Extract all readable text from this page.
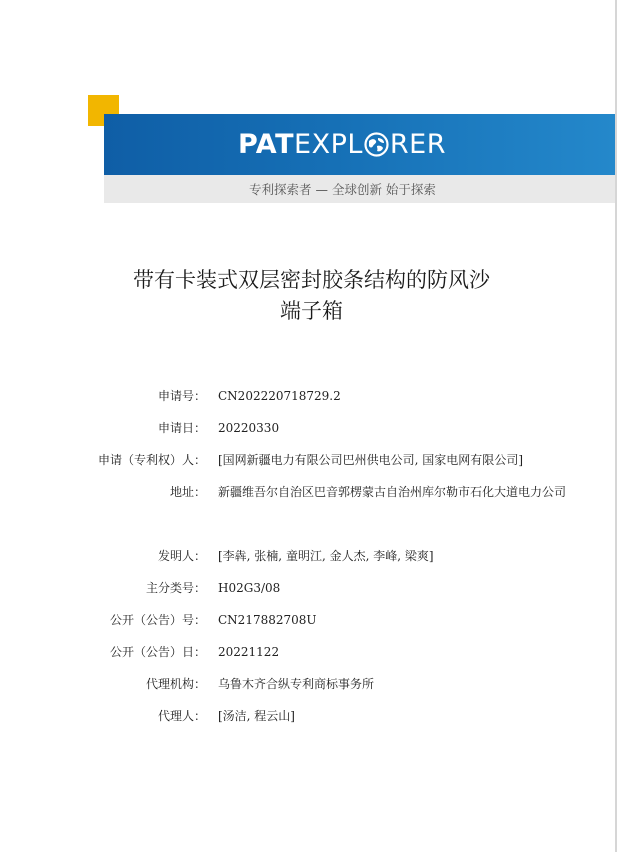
PAT EXPL RER
专利探索者 — 全球创新 始于探索
带有卡装式双层密封胶条结构的防风沙
端子箱
申请号： CN202220718729.2
申请日： 20220330
申请（专利权）人： [国网新疆电力有限公司巴州供电公司, 国家电网有限公司]
地址： 新疆维吾尔自治区巴音郭楞蒙古自治州库尔勒市石化大道电力公司
发明人： [李犇, 张楠, 童明江, 金人杰, 李峰, 梁爽]
主分类号： H02G3/08
公开（公告）号： CN217882708U
公开（公告）日： 20221122
代理机构： 乌鲁木齐合纵专利商标事务所
代理人： [汤洁, 程云山]
